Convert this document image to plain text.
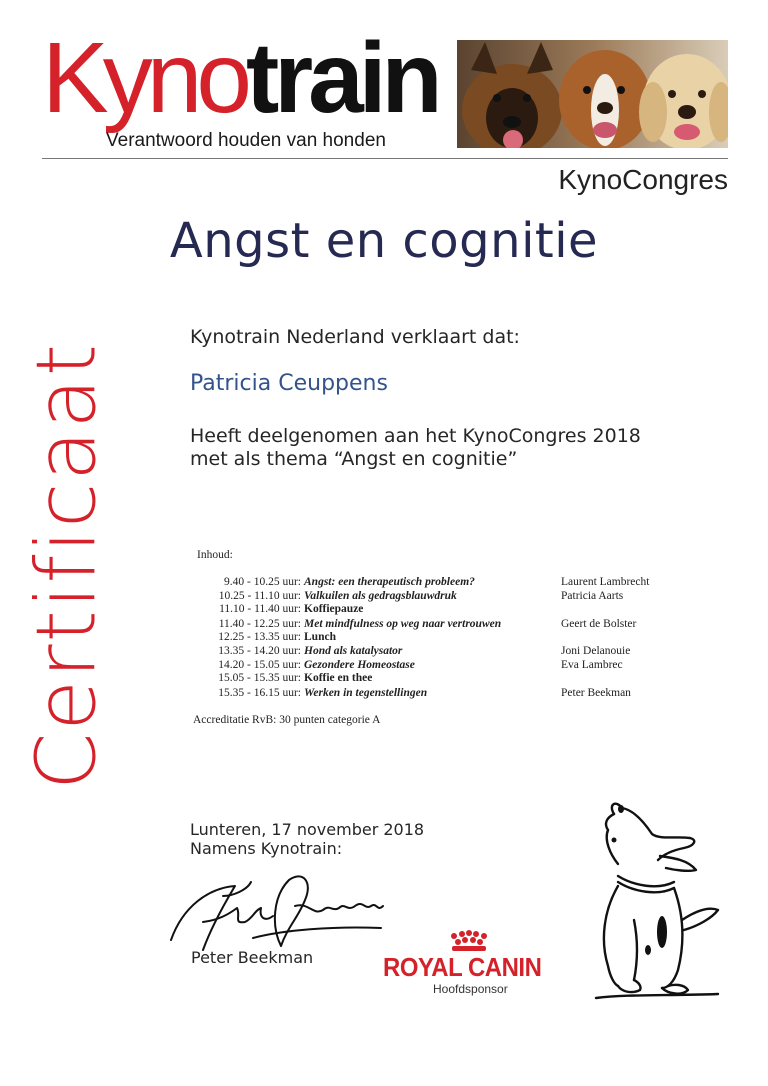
Kynotrain
Verantwoord houden van honden
KynoCongres
Angst en cognitie
Certificaat
Kynotrain Nederland verklaart dat:
Patricia Ceuppens
Heeft deelgenomen aan het KynoCongres 2018
met als thema “Angst en cognitie”
Inhoud:
9.40 - 10.25 uur: Angst: een therapeutisch probleem?	Laurent Lambrecht
10.25 - 11.10 uur: Valkuilen als gedragsblauwdruk	Patricia Aarts
11.10 - 11.40 uur: Koffiepauze
11.40 - 12.25 uur: Met mindfulness op weg naar vertrouwen	Geert de Bolster
12.25 - 13.35 uur: Lunch
13.35 - 14.20 uur: Hond als katalysator	Joni Delanouie
14.20 - 15.05 uur: Gezondere Homeostase	Eva Lambrec
15.05 - 15.35 uur: Koffie en thee
15.35 - 16.15 uur: Werken in tegenstellingen	Peter Beekman
Accreditatie RvB: 30 punten categorie A
Lunteren, 17 november 2018
Namens Kynotrain:
Peter Beekman	ROYAL CANIN
Hoofdsponsor
